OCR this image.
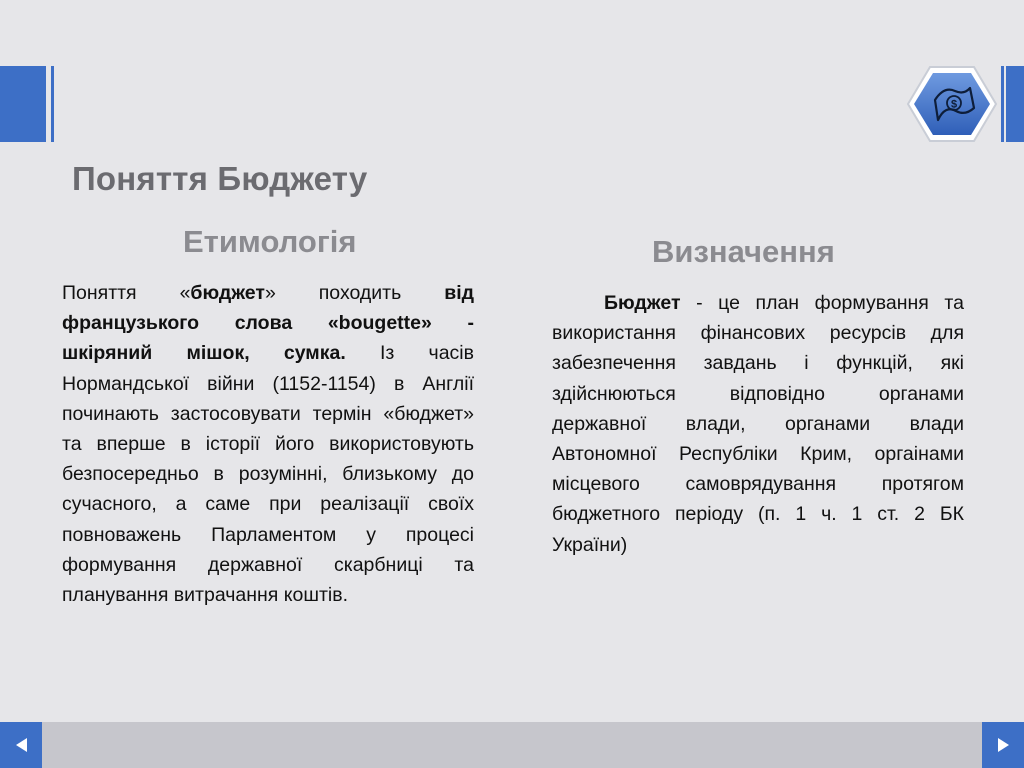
$
Поняття Бюджету
Етимологія	Визначення
Поняття «бюджет» походить від французького слова «bougette» - шкіряний мішок, сумка. Із часів Нормандської війни (1152-1154) в Англії починають застосовувати термін «бюджет» та вперше в історії його використовують безпосередньо в розумінні, близькому до сучасного, а саме при реалізації своїх повноважень Парламентом у процесі формування державної скарбниці та планування витрачання коштів.
Бюджет - це план формування та використання фінансових ресурсів для забезпечення завдань і функцій, які здійснюються відповідно органами державної влади, органами влади Автономної Республіки Крим, оргаінами місцевого самоврядування протягом бюджетного періоду (п. 1 ч. 1 ст. 2 БК України)
